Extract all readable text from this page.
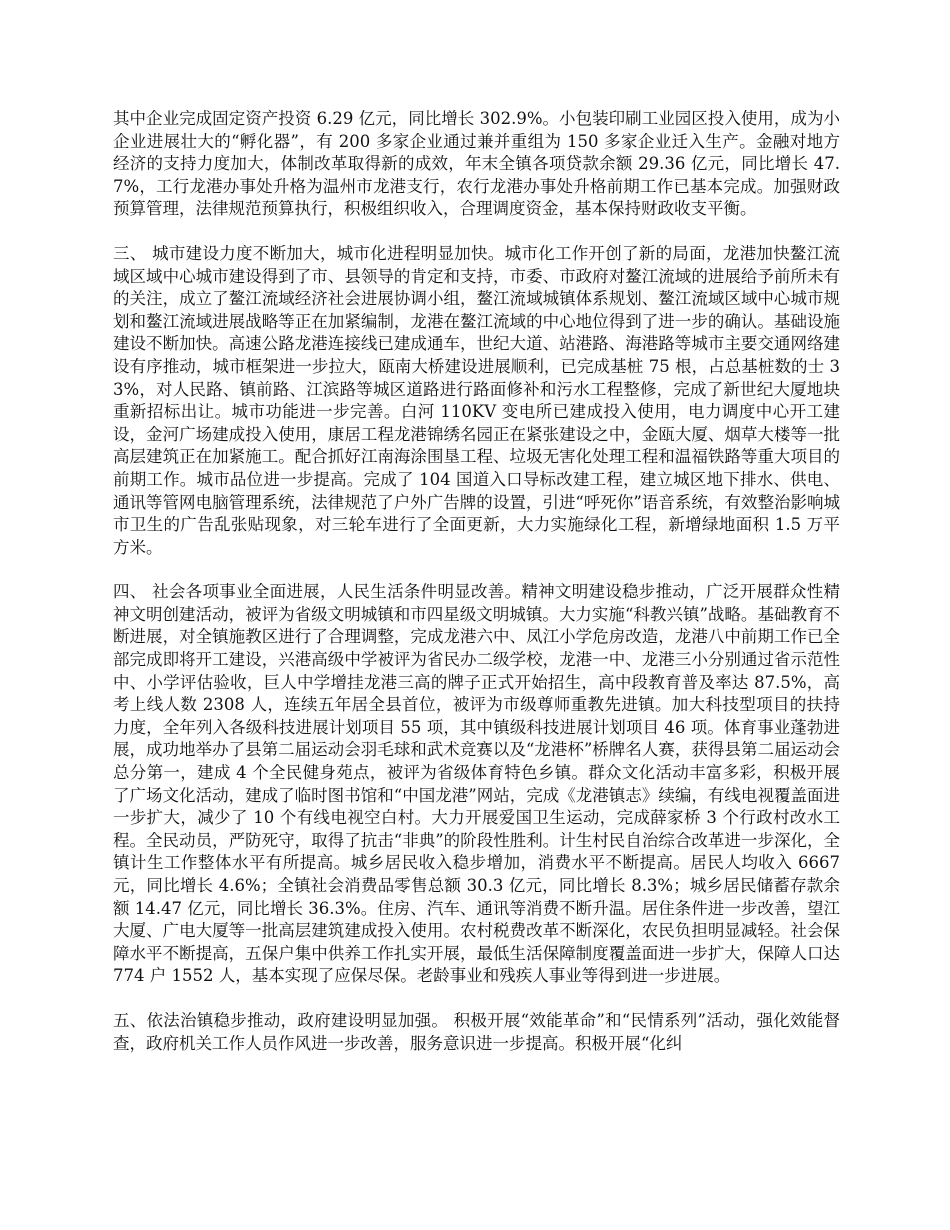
其中企业完成固定资产投资 6.29 亿元，同比增长 302.9%。小包装印刷工业园区投入使用，成为小企业进展壮大的“孵化器”，有 200 多家企业通过兼并重组为 150 多家企业迁入生产。金融对地方经济的支持力度加大，体制改革取得新的成效，年末全镇各项贷款余额 29.36 亿元，同比增长 47.7%，工行龙港办事处升格为温州市龙港支行，农行龙港办事处升格前期工作已基本完成。加强财政预算管理，法律规范预算执行，积极组织收入，合理调度资金，基本保持财政收支平衡。

三、 城市建设力度不断加大，城市化进程明显加快。城市化工作开创了新的局面，龙港加快鳌江流域区域中心城市建设得到了市、县领导的肯定和支持，市委、市政府对鳌江流域的进展给予前所未有的关注，成立了鳌江流域经济社会进展协调小组，鳌江流域城镇体系规划、鳌江流域区域中心城市规划和鳌江流域进展战略等正在加紧编制，龙港在鳌江流域的中心地位得到了进一步的确认。基础设施建设不断加快。高速公路龙港连接线已建成通车，世纪大道、站港路、海港路等城市主要交通网络建设有序推动，城市框架进一步拉大，瓯南大桥建设进展顺利，已完成基桩 75 根，占总基桩数的士 33%，对人民路、镇前路、江滨路等城区道路进行路面修补和污水工程整修，完成了新世纪大厦地块重新招标出让。城市功能进一步完善。白河 110KV 变电所已建成投入使用，电力调度中心开工建设，金河广场建成投入使用，康居工程龙港锦绣名园正在紧张建设之中，金瓯大厦、烟草大楼等一批高层建筑正在加紧施工。配合抓好江南海涂围垦工程、垃圾无害化处理工程和温福铁路等重大项目的前期工作。城市品位进一步提高。完成了 104 国道入口导标改建工程，建立城区地下排水、供电、通讯等管网电脑管理系统，法律规范了户外广告牌的设置，引进“呼死你”语音系统，有效整治影响城市卫生的广告乱张贴现象，对三轮车进行了全面更新，大力实施绿化工程，新增绿地面积 1.5 万平方米。

四、 社会各项事业全面进展，人民生活条件明显改善。精神文明建设稳步推动，广泛开展群众性精神文明创建活动，被评为省级文明城镇和市四星级文明城镇。大力实施“科教兴镇”战略。基础教育不断进展，对全镇施教区进行了合理调整，完成龙港六中、凤江小学危房改造，龙港八中前期工作已全部完成即将开工建设，兴港高级中学被评为省民办二级学校，龙港一中、龙港三小分别通过省示范性中、小学评估验收，巨人中学增挂龙港三高的牌子正式开始招生，高中段教育普及率达 87.5%，高考上线人数 2308 人，连续五年居全县首位，被评为市级尊师重教先进镇。加大科技型项目的扶持力度，全年列入各级科技进展计划项目 55 项，其中镇级科技进展计划项目 46 项。体育事业蓬勃进展，成功地举办了县第二届运动会羽毛球和武术竞赛以及“龙港杯”桥牌名人赛，获得县第二届运动会总分第一，建成 4 个全民健身苑点，被评为省级体育特色乡镇。群众文化活动丰富多彩，积极开展了广场文化活动，建成了临时图书馆和“中国龙港”网站，完成《龙港镇志》续编，有线电视覆盖面进一步扩大，减少了 10 个有线电视空白村。大力开展爱国卫生运动，完成薛家桥 3 个行政村改水工程。全民动员，严防死守，取得了抗击“非典”的阶段性胜利。计生村民自治综合改革进一步深化，全镇计生工作整体水平有所提高。城乡居民收入稳步增加，消费水平不断提高。居民人均收入 6667 元，同比增长 4.6%；全镇社会消费品零售总额 30.3 亿元，同比增长 8.3%；城乡居民储蓄存款余额 14.47 亿元，同比增长 36.3%。住房、汽车、通讯等消费不断升温。居住条件进一步改善，望江大厦、广电大厦等一批高层建筑建成投入使用。农村税费改革不断深化，农民负担明显减轻。社会保障水平不断提高，五保户集中供养工作扎实开展，最低生活保障制度覆盖面进一步扩大，保障人口达 774 户 1552 人，基本实现了应保尽保。老龄事业和残疾人事业等得到进一步进展。

五、依法治镇稳步推动，政府建设明显加强。 积极开展“效能革命”和“民情系列”活动，强化效能督查，政府机关工作人员作风进一步改善，服务意识进一步提高。积极开展“化纠
